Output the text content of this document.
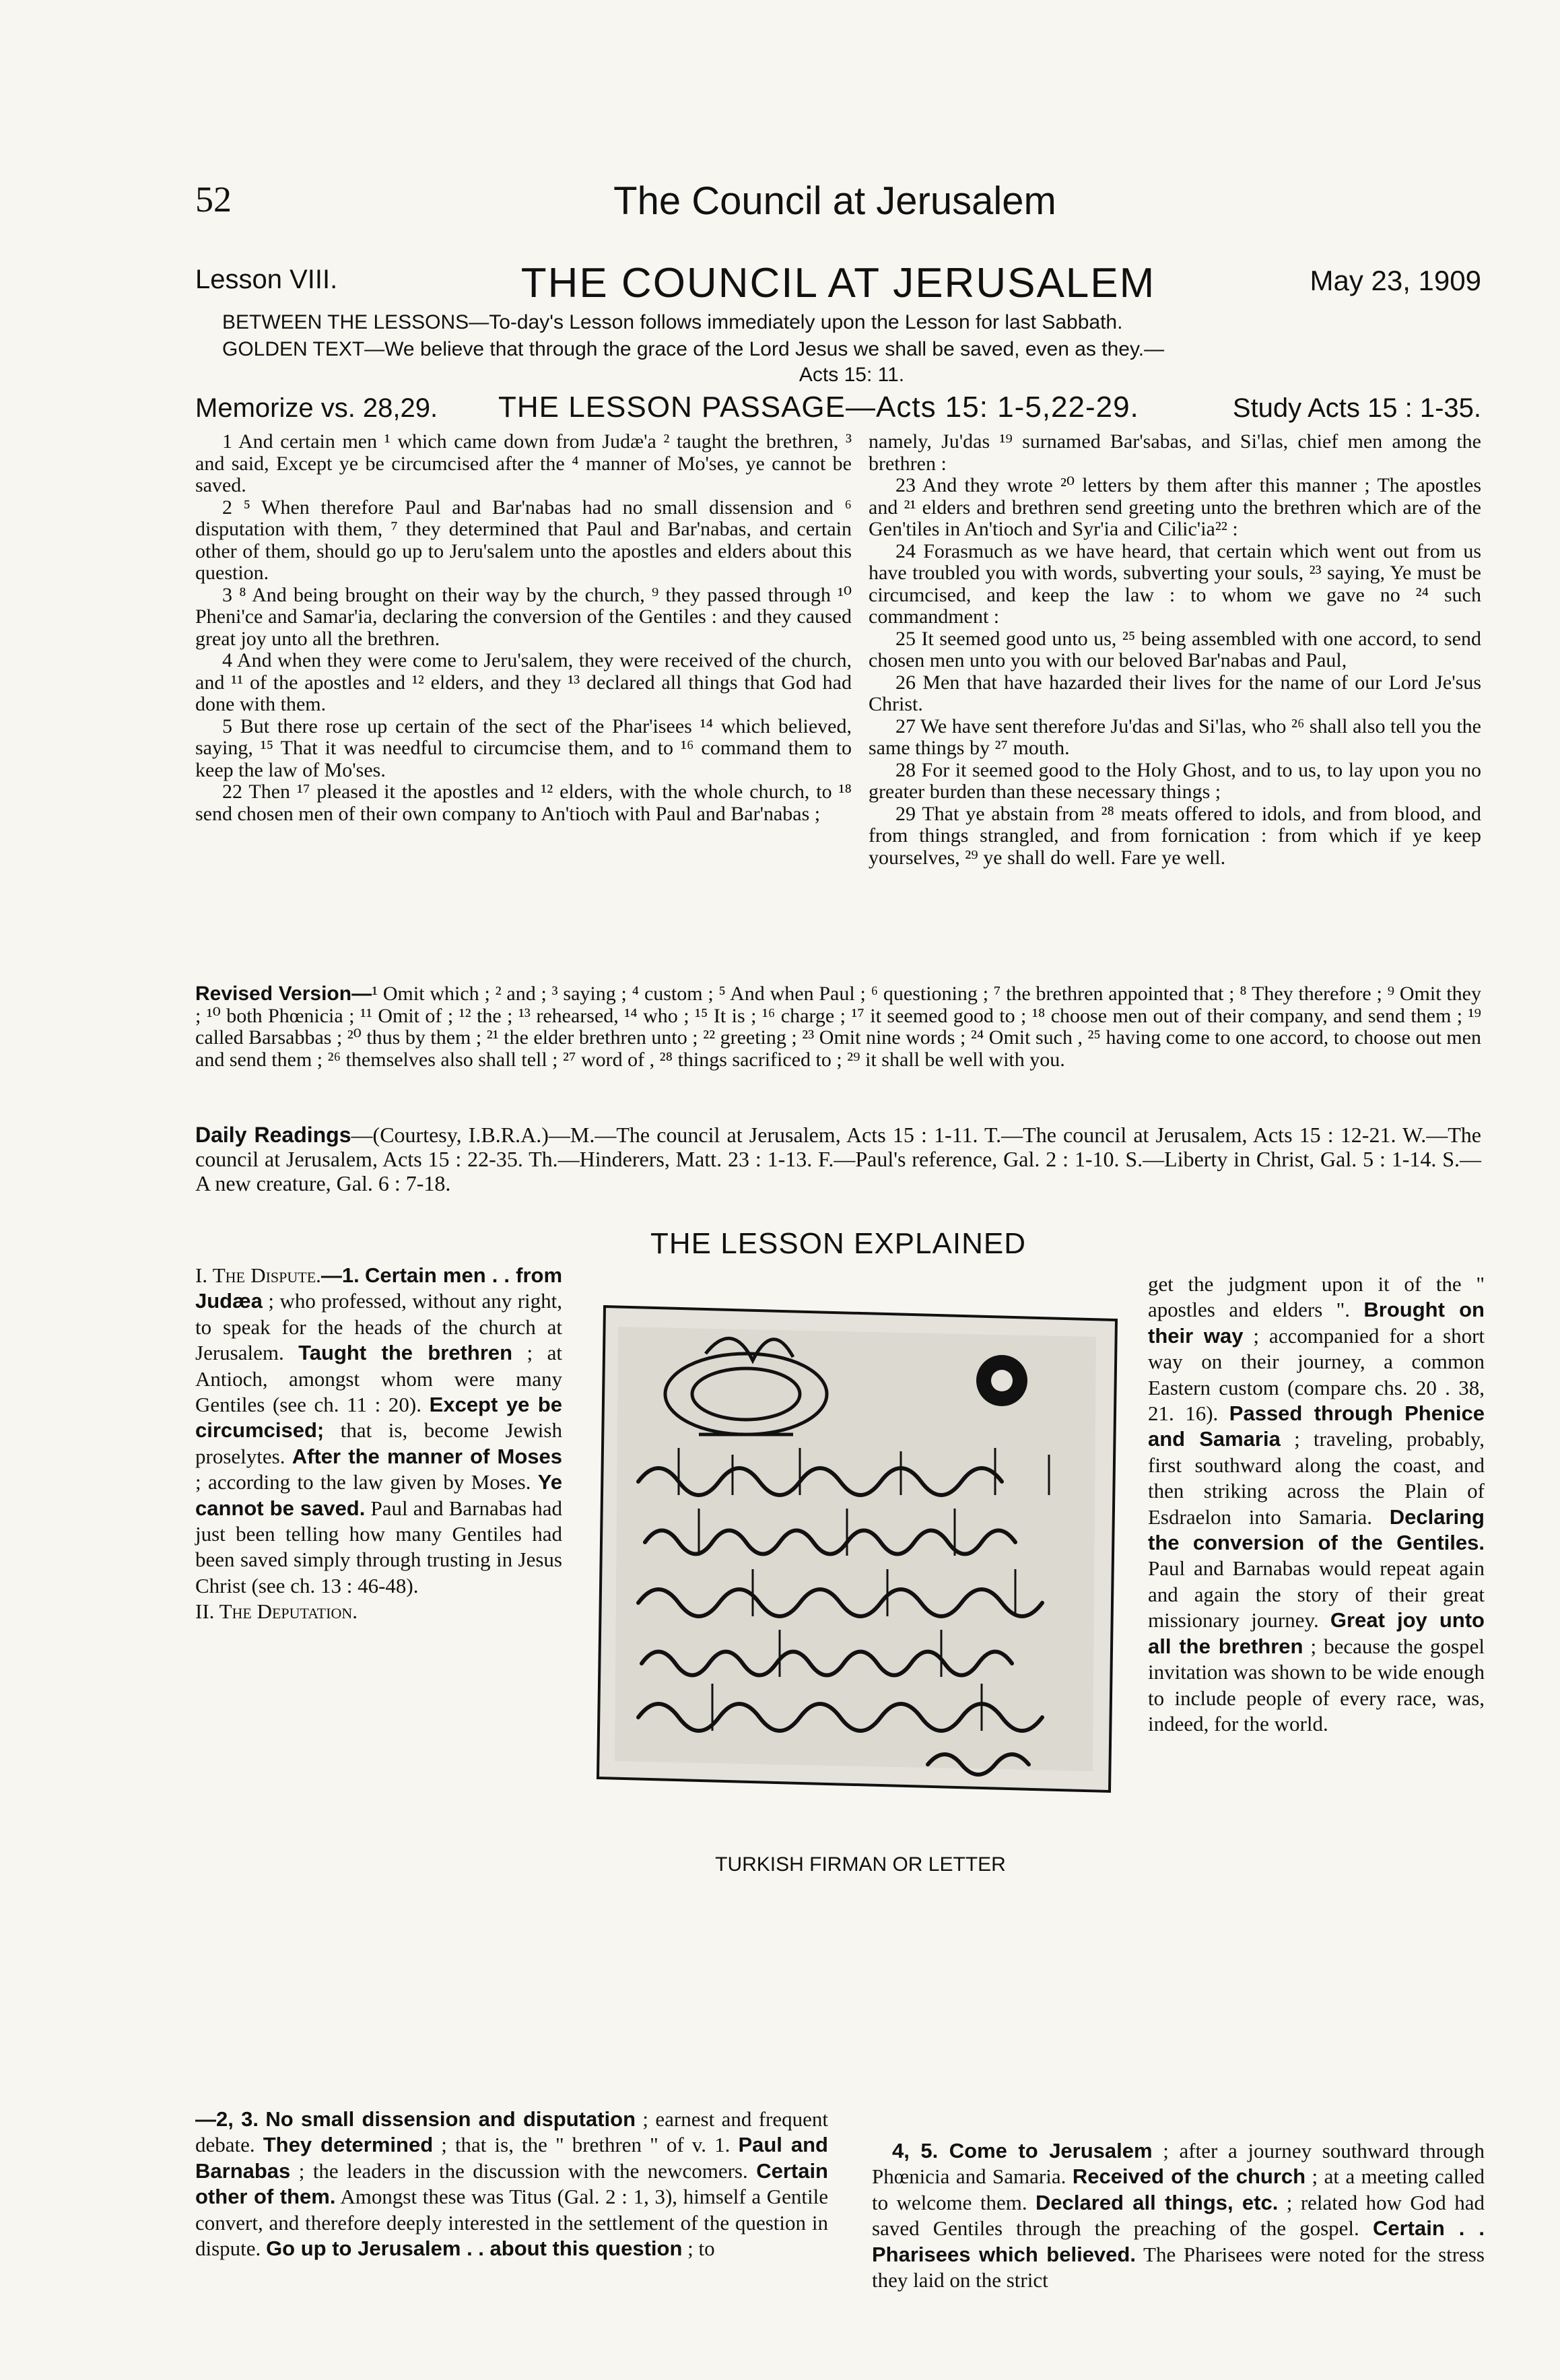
52	The Council at Jerusalem
Lesson VIII.	THE COUNCIL AT JERUSALEM	May 23, 1909
BETWEEN THE LESSONS—To-day's Lesson follows immediately upon the Lesson for last Sabbath.
GOLDEN TEXT—We believe that through the grace of the Lord Jesus we shall be saved, even as they.—
Acts 15: 11.
Memorize vs. 28,29. THE LESSON PASSAGE—Acts 15: 1-5,22-29.	Study Acts 15 : 1-35.

1 And certain men ¹ which came down from Judæ'a ² taught the brethren, ³ and said, Except ye be circumcised after the ⁴ manner of Mo'ses, ye cannot be saved.

2 ⁵ When therefore Paul and Bar'nabas had no small dissension and ⁶ disputation with them, ⁷ they determined that Paul and Bar'nabas, and certain other of them, should go up to Jeru'salem unto the apostles and elders about this question.

3 ⁸ And being brought on their way by the church, ⁹ they passed through ¹⁰ Pheni'ce and Samar'ia, declaring the conversion of the Gentiles : and they caused great joy unto all the brethren.

4 And when they were come to Jeru'salem, they were received of the church, and ¹¹ of the apostles and ¹² elders, and they ¹³ declared all things that God had done with them.

5 But there rose up certain of the sect of the Phar'isees ¹⁴ which believed, saying, ¹⁵ That it was needful to circumcise them, and to ¹⁶ command them to keep the law of Mo'ses.

22 Then ¹⁷ pleased it the apostles and ¹² elders, with the whole church, to ¹⁸ send chosen men of their own company to An'tioch with Paul and Bar'nabas ;

namely, Ju'das ¹⁹ surnamed Bar'sabas, and Si'las, chief men among the brethren :

23 And they wrote ²⁰ letters by them after this manner ; The apostles and ²¹ elders and brethren send greeting unto the brethren which are of the Gen'tiles in An'tioch and Syr'ia and Cilic'ia²² :

24 Forasmuch as we have heard, that certain which went out from us have troubled you with words, subverting your souls, ²³ saying, Ye must be circumcised, and keep the law : to whom we gave no ²⁴ such commandment :

25 It seemed good unto us, ²⁵ being assembled with one accord, to send chosen men unto you with our beloved Bar'nabas and Paul,

26 Men that have hazarded their lives for the name of our Lord Je'sus Christ.

27 We have sent therefore Ju'das and Si'las, who ²⁶ shall also tell you the same things by ²⁷ mouth.

28 For it seemed good to the Holy Ghost, and to us, to lay upon you no greater burden than these necessary things ;

29 That ye abstain from ²⁸ meats offered to idols, and from blood, and from things strangled, and from fornication : from which if ye keep yourselves, ²⁹ ye shall do well. Fare ye well.

Revised Version—¹ Omit which ; ² and ; ³ saying ; ⁴ custom ; ⁵ And when Paul ; ⁶ questioning ; ⁷ the brethren appointed that ; ⁸ They therefore ; ⁹ Omit they ; ¹⁰ both Phœnicia ; ¹¹ Omit of ; ¹² the ; ¹³ rehearsed, ¹⁴ who ; ¹⁵ It is ; ¹⁶ charge ; ¹⁷ it seemed good to ; ¹⁸ choose men out of their company, and send them ; ¹⁹ called Barsabbas ; ²⁰ thus by them ; ²¹ the elder brethren unto ; ²² greeting ; ²³ Omit nine words ; ²⁴ Omit such , ²⁵ having come to one accord, to choose out men and send them ; ²⁶ themselves also shall tell ; ²⁷ word of , ²⁸ things sacrificed to ; ²⁹ it shall be well with you.
Daily Readings—(Courtesy, I.B.R.A.)—M.—The council at Jerusalem, Acts 15 : 1-11. T.—The council at Jerusalem, Acts 15 : 12-21. W.—The council at Jerusalem, Acts 15 : 22-35. Th.—Hinderers, Matt. 23 : 1-13. F.—Paul's reference, Gal. 2 : 1-10. S.—Liberty in Christ, Gal. 5 : 1-14. S.—A new creature, Gal. 6 : 7-18.
THE LESSON EXPLAINED

I. The Dispute.—1. Certain men . . from Judæa ; who professed, without any right, to speak for the heads of the church at Jerusalem. Taught the brethren ; at Antioch, amongst whom were many Gentiles (see ch. 11 : 20). Except ye be circumcised; that is, become Jewish proselytes. After the manner of Moses ; according to the law given by Moses. Ye cannot be saved. Paul and Barnabas had just been telling how many Gentiles had been saved simply through trusting in Jesus Christ (see ch. 13 : 46-48).

II. The Deputation.

—2, 3. No small dissension and disputation ; earnest and frequent debate. They determined ; that is, the " brethren " of v. 1. Paul and Barnabas ; the leaders in the discussion with the newcomers. Certain other of them. Amongst these was Titus (Gal. 2 : 1, 3), himself a Gentile convert, and therefore deeply interested in the settlement of the question in dispute. Go up to Jerusalem . . about this question ; to

TURKISH FIRMAN OR LETTER

get the judgment upon it of the " apostles and elders ". Brought on their way ; accompanied for a short way on their journey, a common Eastern custom (compare chs. 20 . 38, 21. 16). Passed through Phenice and Samaria ; traveling, probably, first southward along the coast, and then striking across the Plain of Esdraelon into Samaria. Declaring the conversion of the Gentiles. Paul and Barnabas would repeat again and again the story of their great missionary journey. Great joy unto all the brethren ; because the gospel invitation was shown to be wide enough to include people of every race, was, indeed, for the world.

4, 5. Come to Jerusalem ; after a journey southward through Phœnicia and Samaria. Received of the church ; at a meeting called to welcome them. Declared all things, etc. ; related how God had saved Gentiles through the preaching of the gospel. Certain . . Pharisees which believed. The Pharisees were noted for the stress they laid on the strict
